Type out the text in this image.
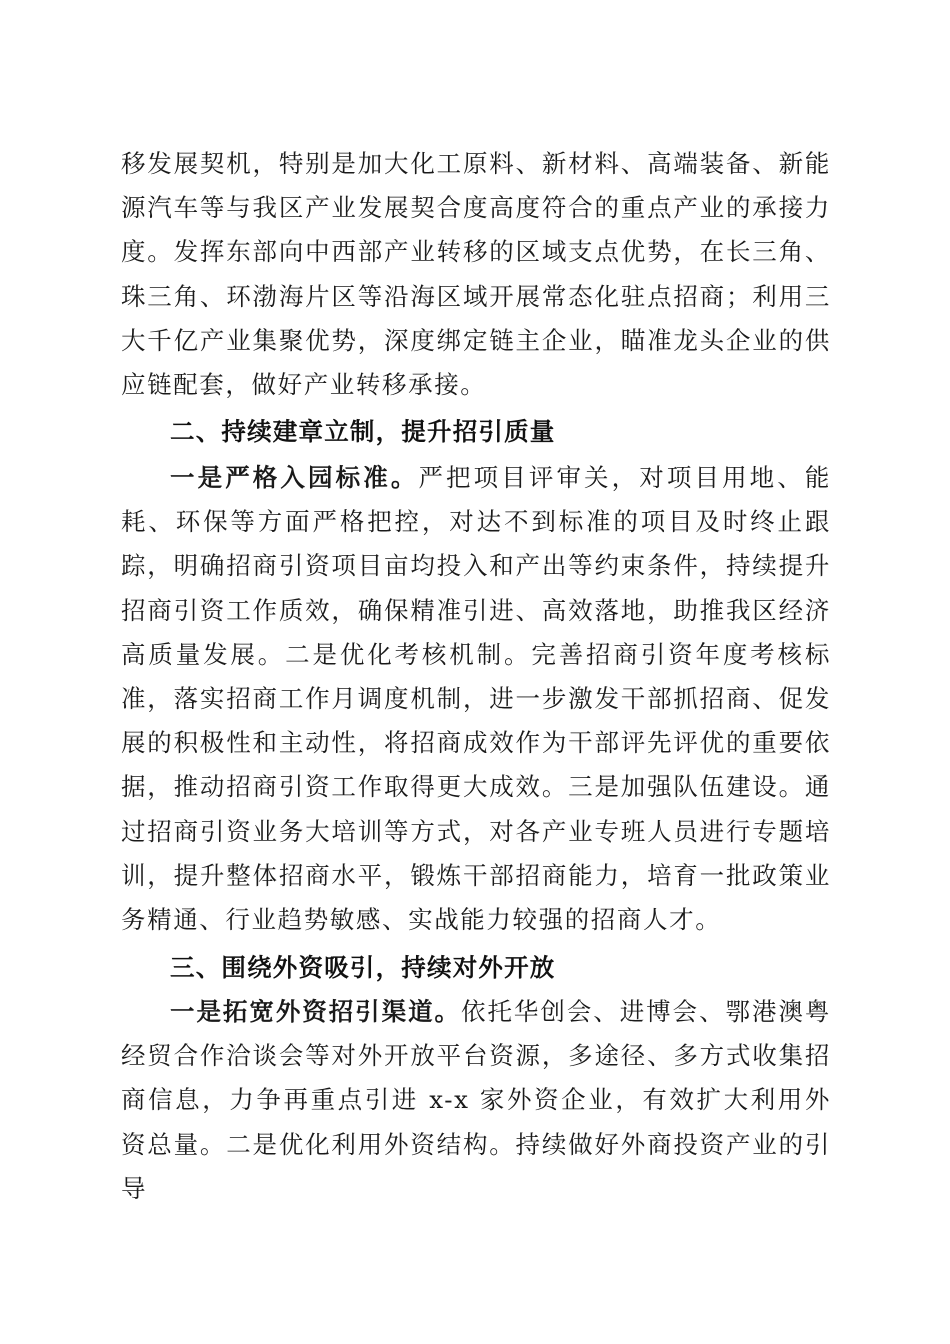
移发展契机，特别是加大化工原料、新材料、高端装备、新能源汽车等与我区产业发展契合度高度符合的重点产业的承接力度。发挥东部向中西部产业转移的区域支点优势，在长三角、珠三角、环渤海片区等沿海区域开展常态化驻点招商；利用三大千亿产业集聚优势，深度绑定链主企业，瞄准龙头企业的供应链配套，做好产业转移承接。

二、持续建章立制，提升招引质量

一是严格入园标准。严把项目评审关，对项目用地、能耗、环保等方面严格把控，对达不到标准的项目及时终止跟踪，明确招商引资项目亩均投入和产出等约束条件，持续提升招商引资工作质效，确保精准引进、高效落地，助推我区经济高质量发展。二是优化考核机制。完善招商引资年度考核标准，落实招商工作月调度机制，进一步激发干部抓招商、促发展的积极性和主动性，将招商成效作为干部评先评优的重要依据，推动招商引资工作取得更大成效。三是加强队伍建设。通过招商引资业务大培训等方式，对各产业专班人员进行专题培训，提升整体招商水平，锻炼干部招商能力，培育一批政策业务精通、行业趋势敏感、实战能力较强的招商人才。

三、围绕外资吸引，持续对外开放

一是拓宽外资招引渠道。依托华创会、进博会、鄂港澳粤经贸合作洽谈会等对外开放平台资源，多途径、多方式收集招商信息，力争再重点引进 x-x 家外资企业，有效扩大利用外资总量。二是优化利用外资结构。持续做好外商投资产业的引导
